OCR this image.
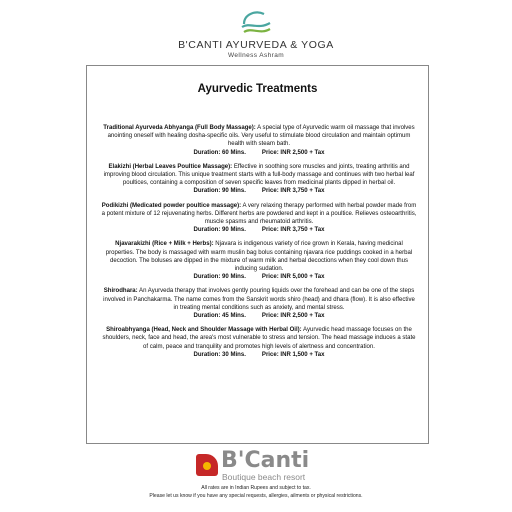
B'CANTI AYURVEDA & YOGA
Wellness Ashram
Ayurvedic Treatments
Traditional Ayurveda Abhyanga (Full Body Massage): A special type of Ayurvedic warm oil massage that involves anointing oneself with healing dosha-specific oils. Very useful to stimulate blood circulation and maintain optimum health with steam bath.
Duration: 60 Mins.	Price: INR 2,500 + Tax
Elakizhi (Herbal Leaves Poultice Massage): Effective in soothing sore muscles and joints, treating arthritis and improving blood circulation. This unique treatment starts with a full-body massage and continues with two herbal leaf poultices, containing a composition of seven specific leaves from medicinal plants dipped in herbal oil.
Duration: 90 Mins.	Price: INR 3,750 + Tax
Podikizhi (Medicated powder poultice massage): A very relaxing therapy performed with herbal powder made from a potent mixture of 12 rejuvenating herbs. Different herbs are powdered and kept in a poultice. Relieves osteoarthritis, muscle spasms and rheumatoid arthritis.
Duration: 90 Mins.	Price: INR 3,750 + Tax
Njavarakizhi (Rice + Milk + Herbs): Njavara is indigenous variety of rice grown in Kerala, having medicinal properties. The body is massaged with warm muslin bag bolus containing njavara rice puddings cooked in a herbal decoction. The boluses are dipped in the mixture of warm milk and herbal decoctions when they cool down thus inducing sudation.
Duration: 90 Mins.	Price: INR 5,000 + Tax
Shirodhara: An Ayurveda therapy that involves gently pouring liquids over the forehead and can be one of the steps involved in Panchakarma. The name comes from the Sanskrit words shiro (head) and dhara (flow). It is also effective in treating mental conditions such as anxiety, and mental stress.
Duration: 45 Mins.	Price: INR 2,500 + Tax
Shiroabhyanga (Head, Neck and Shoulder Massage with Herbal Oil): Ayurvedic head massage focuses on the shoulders, neck, face and head, the area's most vulnerable to stress and tension. The head massage induces a state of calm, peace and tranquility and promotes high levels of alertness and concentration.
Duration: 30 Mins.	Price: INR 1,500 + Tax
B'Canti
Boutique beach resort
All rates are in Indian Rupees and subject to tax.
Please let us know if you have any special requests, allergies, ailments or physical restrictions.
